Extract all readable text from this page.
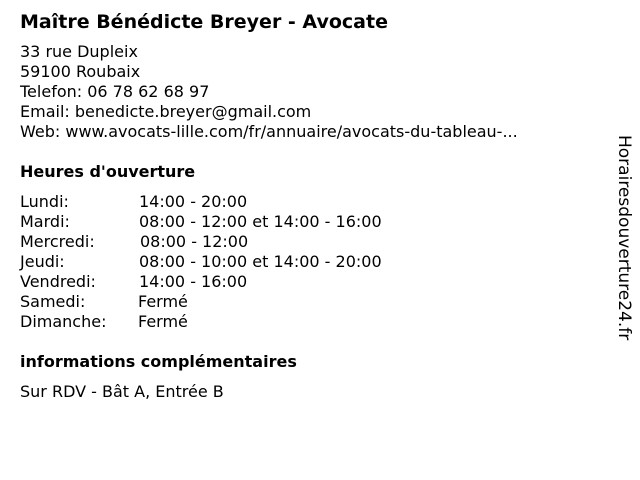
Maître Bénédicte Breyer - Avocate
33 rue Dupleix
59100 Roubaix
Telefon: 06 78 62 68 97
Email: benedicte.breyer@gmail.com
Web: www.avocats-lille.com/fr/annuaire/avocats-du-tableau-...
Heures d'ouverture
Lundi:	14:00 - 20:00
Mardi:	08:00 - 12:00 et 14:00 - 16:00
Mercredi:	08:00 - 12:00
Jeudi:	08:00 - 10:00 et 14:00 - 20:00
Vendredi:	14:00 - 16:00
Samedi:	Fermé
Dimanche:	Fermé
informations complémentaires
Sur RDV - Bât A, Entrée B
Horairesdouverture24.fr
